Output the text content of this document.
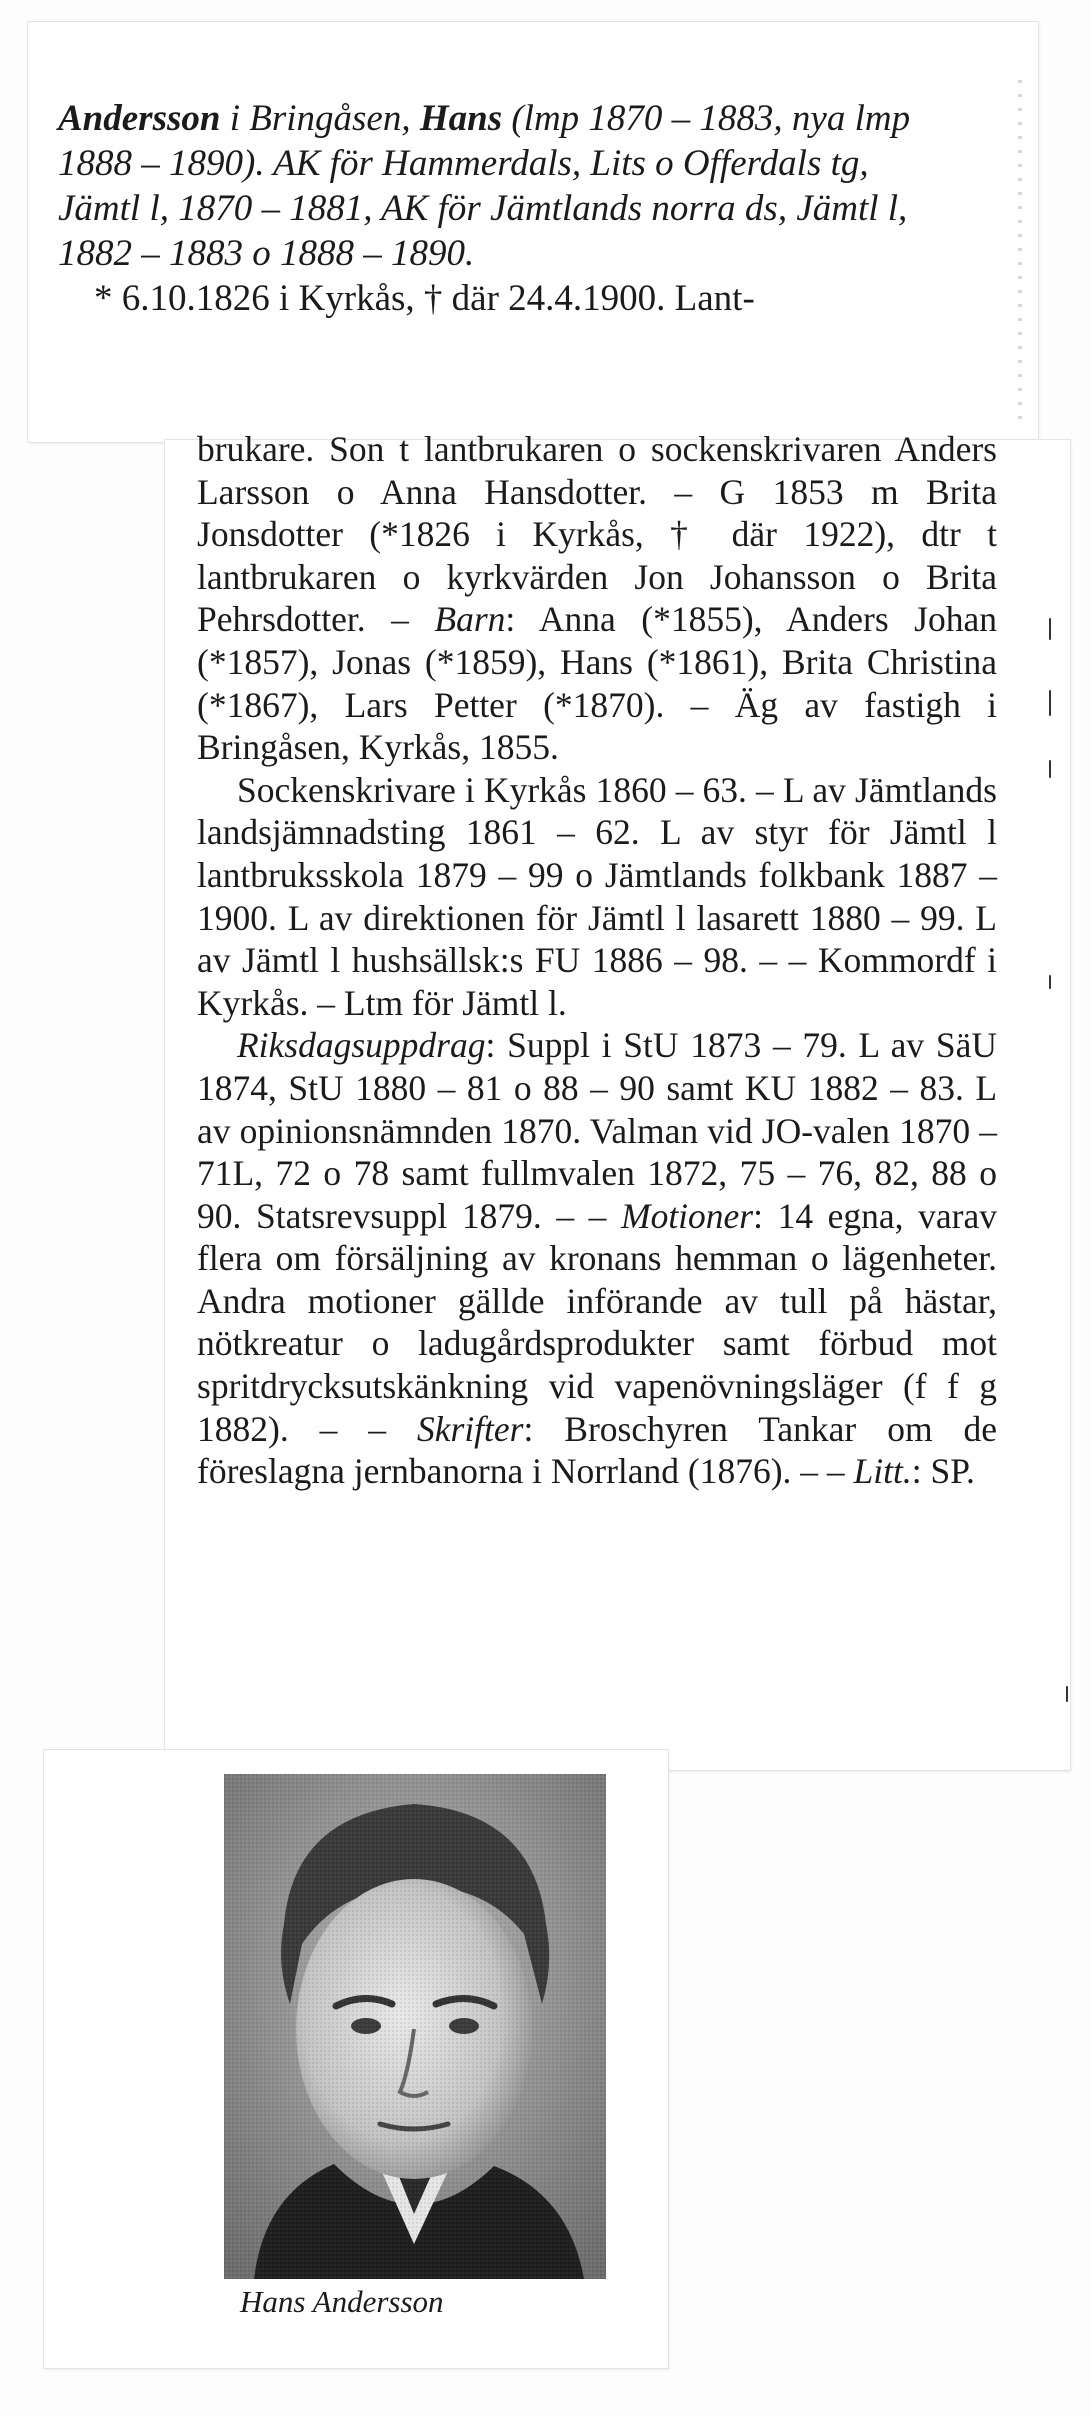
Andersson i Bringåsen, Hans (lmp 1870 – 1883, nya lmp 1888 – 1890). AK för Hammerdals, Lits o Offerdals tg, Jämtl l, 1870 – 1881, AK för Jämtlands norra ds, Jämtl l, 1882 – 1883 o 1888 – 1890.
* 6.10.1826 i Kyrkås, † där 24.4.1900. Lant-

brukare. Son t lantbrukaren o sockenskrivaren Anders Larsson o Anna Hansdotter. – G 1853 m Brita Jonsdotter (*1826 i Kyrkås, † där 1922), dtr t lantbrukaren o kyrkvärden Jon Johansson o Brita Pehrsdotter. – Barn: Anna (*1855), Anders Johan (*1857), Jonas (*1859), Hans (*1861), Brita Christina (*1867), Lars Petter (*1870). – Äg av fastigh i Bringåsen, Kyrkås, 1855.

Sockenskrivare i Kyrkås 1860 – 63. – L av Jämtlands landsjämnadsting 1861 – 62. L av styr för Jämtl l lantbruksskola 1879 – 99 o Jämtlands folkbank 1887 – 1900. L av direktionen för Jämtl l lasarett 1880 – 99. L av Jämtl l hushsällsk:s FU 1886 – 98. – – Kommordf i Kyrkås. – Ltm för Jämtl l.

Riksdagsuppdrag: Suppl i StU 1873 – 79. L av SäU 1874, StU 1880 – 81 o 88 – 90 samt KU 1882 – 83. L av opinionsnämnden 1870. Valman vid JO-valen 1870 – 71L, 72 o 78 samt fullmvalen 1872, 75 – 76, 82, 88 o 90. Statsrevsuppl 1879. – – Motioner: 14 egna, varav flera om försäljning av kronans hemman o lägenheter. Andra motioner gällde införande av tull på hästar, nötkreatur o ladugårdsprodukter samt förbud mot spritdrycksutskänkning vid vapenövningsläger (f f g 1882). – – Skrifter: Broschyren Tankar om de föreslagna jernbanorna i Norrland (1876). – – Litt.: SP.

Hans Andersson
